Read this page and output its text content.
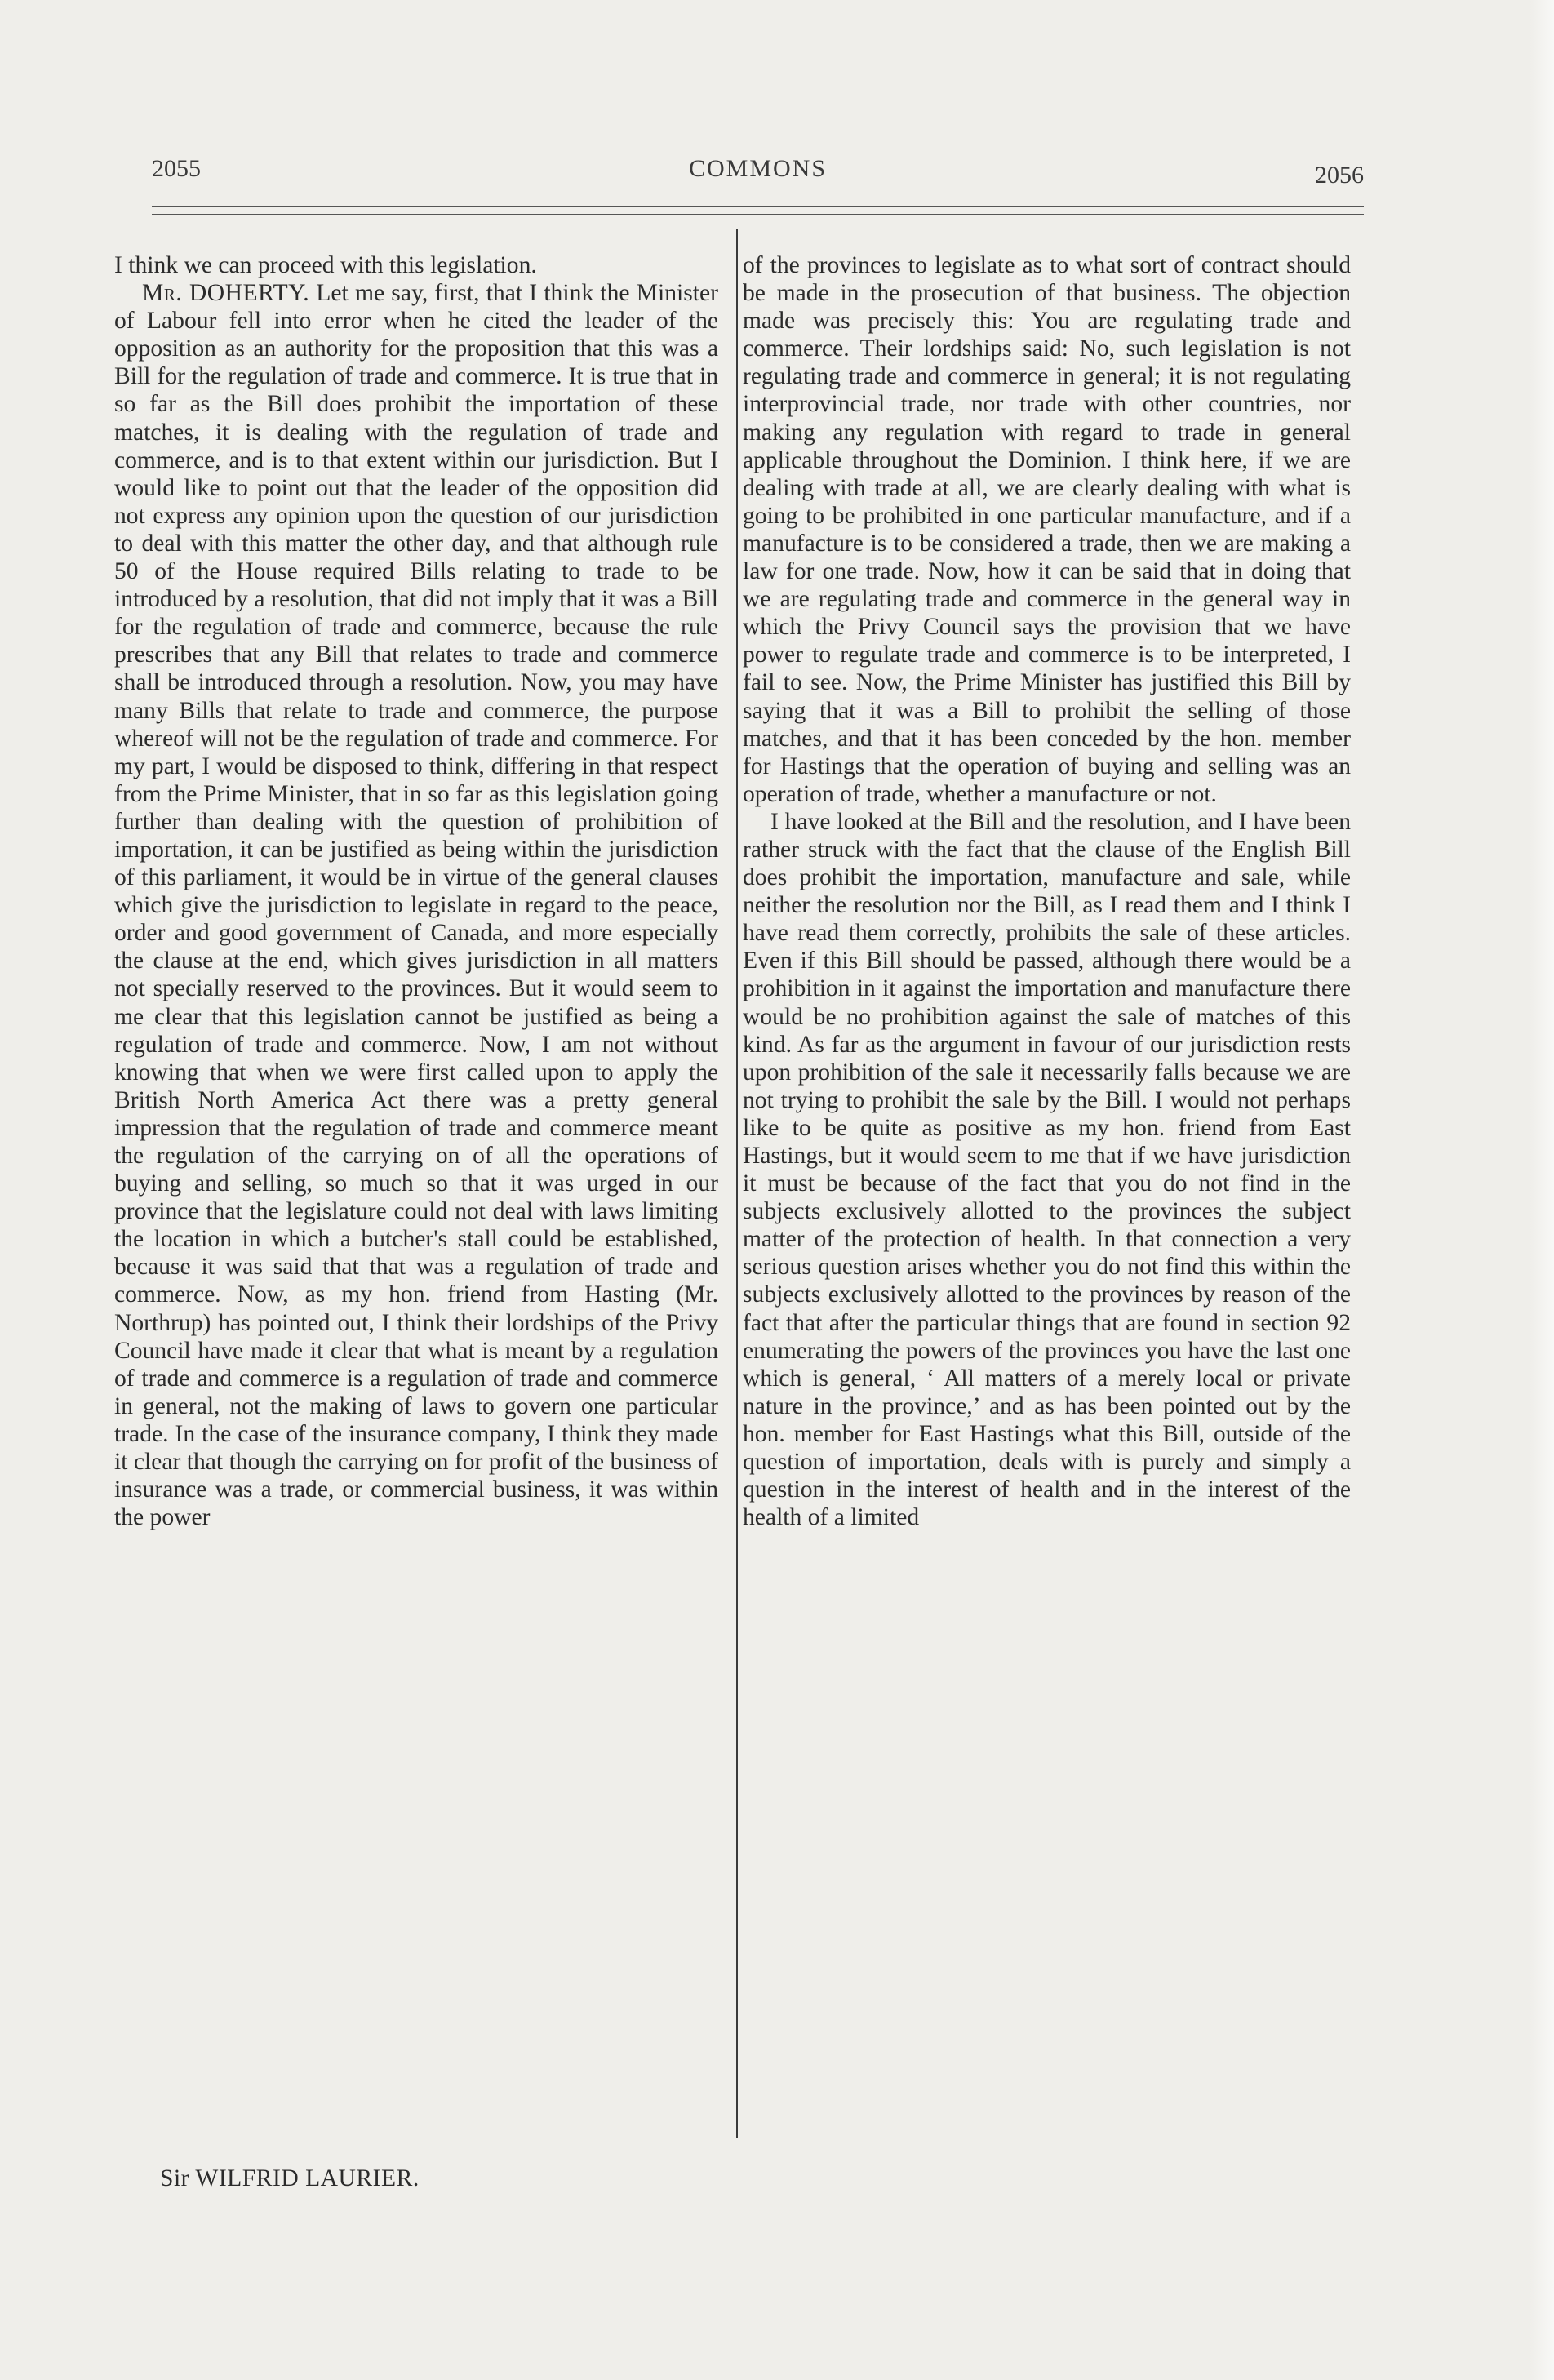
2055	COMMONS	2056

I think we can proceed with this legislation.

Mr. DOHERTY. Let me say, first, that I think the Minister of Labour fell into error when he cited the leader of the opposition as an authority for the proposition that this was a Bill for the regulation of trade and commerce. It is true that in so far as the Bill does prohibit the importation of these matches, it is dealing with the regulation of trade and commerce, and is to that extent within our jurisdiction. But I would like to point out that the leader of the opposition did not express any opinion upon the question of our jurisdiction to deal with this matter the other day, and that although rule 50 of the House required Bills relating to trade to be introduced by a resolution, that did not imply that it was a Bill for the regulation of trade and commerce, because the rule prescribes that any Bill that relates to trade and commerce shall be introduced through a resolution. Now, you may have many Bills that relate to trade and commerce, the purpose whereof will not be the regulation of trade and commerce. For my part, I would be disposed to think, differing in that respect from the Prime Minister, that in so far as this legislation going further than dealing with the question of prohibition of importation, it can be justified as being within the jurisdiction of this parliament, it would be in virtue of the general clauses which give the jurisdiction to legislate in regard to the peace, order and good government of Canada, and more especially the clause at the end, which gives jurisdiction in all matters not specially reserved to the provinces. But it would seem to me clear that this legislation cannot be justified as being a regulation of trade and commerce. Now, I am not without knowing that when we were first called upon to apply the British North America Act there was a pretty general impression that the regulation of trade and commerce meant the regulation of the carrying on of all the operations of buying and selling, so much so that it was urged in our province that the legislature could not deal with laws limiting the location in which a butcher's stall could be established, because it was said that that was a regulation of trade and commerce. Now, as my hon. friend from Hasting (Mr. Northrup) has pointed out, I think their lordships of the Privy Council have made it clear that what is meant by a regulation of trade and commerce is a regulation of trade and commerce in general, not the making of laws to govern one particular trade. In the case of the insurance company, I think they made it clear that though the carrying on for profit of the business of insurance was a trade, or commercial business, it was within the power

Sir WILFRID LAURIER.

of the provinces to legislate as to what sort of contract should be made in the prosecution of that business. The objection made was precisely this: You are regulating trade and commerce. Their lordships said: No, such legislation is not regulating trade and commerce in general; it is not regulating interprovincial trade, nor trade with other countries, nor making any regulation with regard to trade in general applicable throughout the Dominion. I think here, if we are dealing with trade at all, we are clearly dealing with what is going to be prohibited in one particular manufacture, and if a manufacture is to be considered a trade, then we are making a law for one trade. Now, how it can be said that in doing that we are regulating trade and commerce in the general way in which the Privy Council says the provision that we have power to regulate trade and commerce is to be interpreted, I fail to see. Now, the Prime Minister has justified this Bill by saying that it was a Bill to prohibit the selling of those matches, and that it has been conceded by the hon. member for Hastings that the operation of buying and selling was an operation of trade, whether a manufacture or not.

I have looked at the Bill and the resolution, and I have been rather struck with the fact that the clause of the English Bill does prohibit the importation, manufacture and sale, while neither the resolution nor the Bill, as I read them and I think I have read them correctly, prohibits the sale of these articles. Even if this Bill should be passed, although there would be a prohibition in it against the importation and manufacture there would be no prohibition against the sale of matches of this kind. As far as the argument in favour of our jurisdiction rests upon prohibition of the sale it necessarily falls because we are not trying to prohibit the sale by the Bill. I would not perhaps like to be quite as positive as my hon. friend from East Hastings, but it would seem to me that if we have jurisdiction it must be because of the fact that you do not find in the subjects exclusively allotted to the provinces the subject matter of the protection of health. In that connection a very serious question arises whether you do not find this within the subjects exclusively allotted to the provinces by reason of the fact that after the particular things that are found in section 92 enumerating the powers of the provinces you have the last one which is general, ‘ All matters of a merely local or private nature in the province,’ and as has been pointed out by the hon. member for East Hastings what this Bill, outside of the question of importation, deals with is purely and simply a question in the interest of health and in the interest of the health of a limited
